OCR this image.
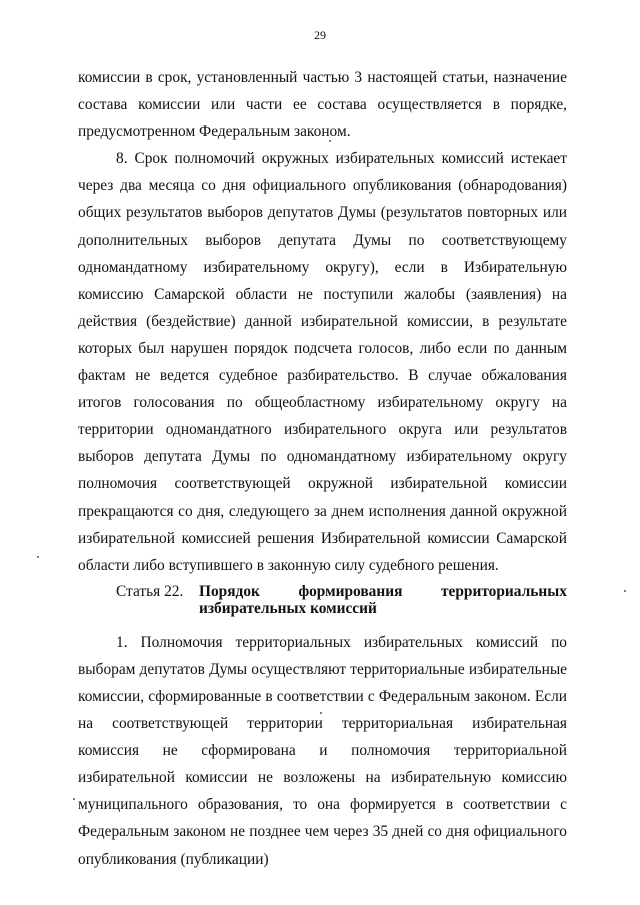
29

комиссии в срок, установленный частью 3 настоящей статьи, назначение состава комиссии или части ее состава осуществляется в порядке, предусмотренном Федеральным законом.

8. Срок полномочий окружных избирательных комиссий истекает через два месяца со дня официального опубликования (обнародования) общих результатов выборов депутатов Думы (результатов повторных или дополнительных выборов депутата Думы по соответствующему одномандатному избирательному округу), если в Избирательную комиссию Самарской области не поступили жалобы (заявления) на действия (бездействие) данной избирательной комиссии, в результате которых был нарушен порядок подсчета голосов, либо если по данным фактам не ведется судебное разбирательство. В случае обжалования итогов голосования по общеобластному избирательному округу на территории одномандатного избирательного округа или результатов выборов депутата Думы по одномандатному избирательному округу полномочия соответствующей окружной избирательной комиссии прекращаются со дня, следующего за днем исполнения данной окружной избирательной комиссией решения Избирательной комиссии Самарской области либо вступившего в законную силу судебного решения.

Статья 22.	Порядок	формирования	территориальных
избирательных комиссий

1. Полномочия территориальных избирательных комиссий по выборам депутатов Думы осуществляют территориальные избирательные комиссии, сформированные в соответствии с Федеральным законом. Если на соответствующей территории территориальная избирательная комиссия не сформирована и полномочия территориальной избирательной комиссии не возложены на избирательную комиссию муниципального образования, то она формируется в соответствии с Федеральным законом не позднее чем через 35 дней со дня официального опубликования (публикации)
